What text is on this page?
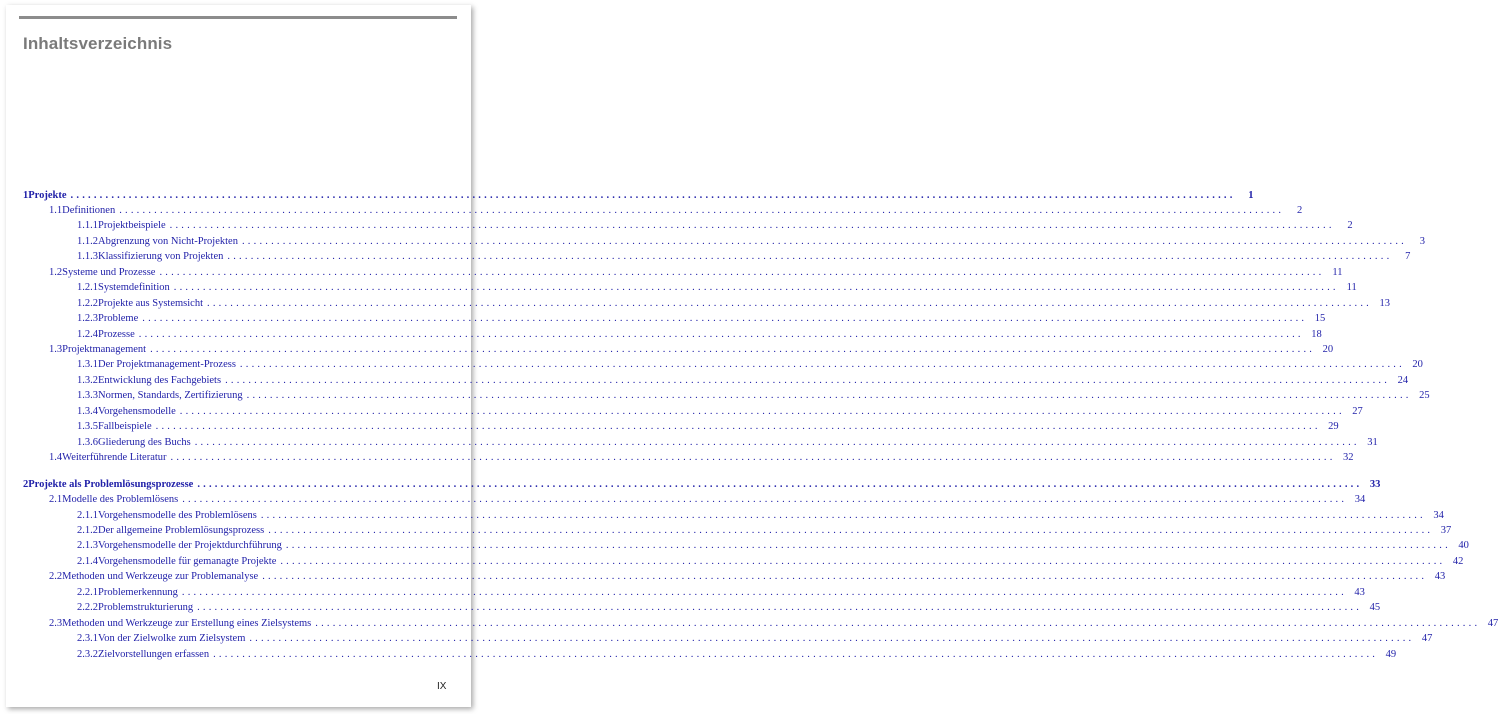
Inhaltsverzeichnis
1 Projekte ........................................................................................................................................................................................................	1
1.1 Definitionen ........................................................................................................................................................................................................	2
1.1.1 Projektbeispiele ........................................................................................................................................................................................................	2
1.1.2 Abgrenzung von Nicht-Projekten ........................................................................................................................................................................................................	3
1.1.3 Klassifizierung von Projekten ........................................................................................................................................................................................................	7
1.2 Systeme und Prozesse ........................................................................................................................................................................................................ 11
1.2.1 Systemdefinition ........................................................................................................................................................................................................ 11
1.2.2 Projekte aus Systemsicht ........................................................................................................................................................................................................ 13
1.2.3 Probleme ........................................................................................................................................................................................................ 15
1.2.4 Prozesse ........................................................................................................................................................................................................ 18
1.3 Projektmanagement ........................................................................................................................................................................................................ 20
1.3.1 Der Projektmanagement-Prozess ........................................................................................................................................................................................................ 20
1.3.2 Entwicklung des Fachgebiets ........................................................................................................................................................................................................ 24
1.3.3 Normen, Standards, Zertifizierung ........................................................................................................................................................................................................ 25
1.3.4 Vorgehensmodelle ........................................................................................................................................................................................................ 27
1.3.5 Fallbeispiele ........................................................................................................................................................................................................ 29
1.3.6 Gliederung des Buchs ........................................................................................................................................................................................................ 31
1.4 Weiterführende Literatur ........................................................................................................................................................................................................ 32
2 Projekte als Problemlösungsprozesse ........................................................................................................................................................................................................ 33
2.1 Modelle des Problemlösens ........................................................................................................................................................................................................ 34
2.1.1 Vorgehensmodelle des Problemlösens ........................................................................................................................................................................................................ 34
2.1.2 Der allgemeine Problemlösungsprozess ........................................................................................................................................................................................................ 37
2.1.3 Vorgehensmodelle der Projektdurchführung ........................................................................................................................................................................................................ 40
2.1.4 Vorgehensmodelle für gemanagte Projekte ........................................................................................................................................................................................................ 42
2.2 Methoden und Werkzeuge zur Problemanalyse ........................................................................................................................................................................................................ 43
2.2.1 Problemerkennung ........................................................................................................................................................................................................ 43
2.2.2 Problemstrukturierung ........................................................................................................................................................................................................ 45
2.3 Methoden und Werkzeuge zur Erstellung eines Zielsystems ........................................................................................................................................................................................................ 47
2.3.1 Von der Zielwolke zum Zielsystem ........................................................................................................................................................................................................ 47
2.3.2 Zielvorstellungen erfassen ........................................................................................................................................................................................................ 49
IX
